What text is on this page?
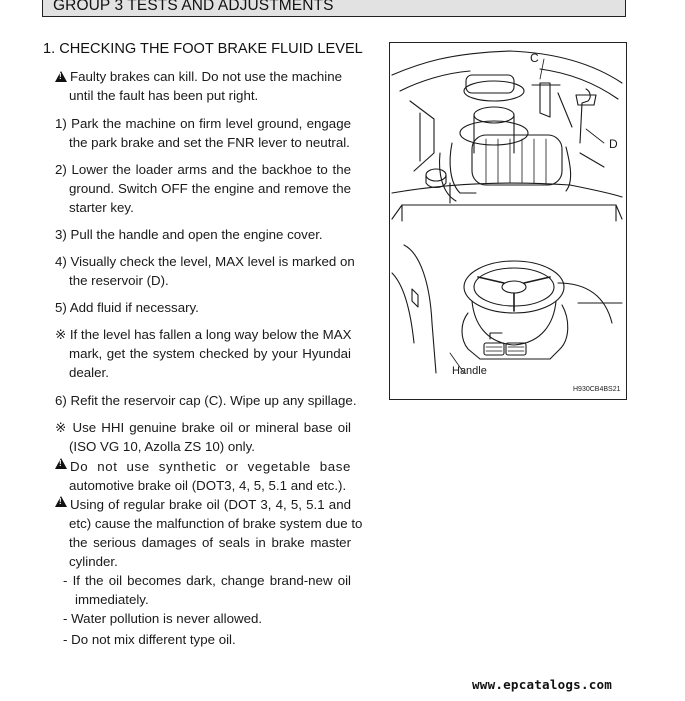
GROUP 3 TESTS AND ADJUSTMENTS
1. CHECKING THE FOOT BRAKE FLUID LEVEL
!Faulty brakes can kill. Do not use the machine
until the fault has been put right.
1) Park the machine on firm level ground, engage
the park brake and set the FNR lever to neutral.
2) Lower the loader arms and the backhoe to the
ground. Switch OFF the engine and remove the
starter key.
3) Pull the handle and open the engine cover.
4) Visually check the level, MAX level is marked on
the reservoir (D).
5) Add fluid if necessary.
※ If the level has fallen a long way below the MAX
mark, get the system checked by your Hyundai
dealer.
6) Refit the reservoir cap (C). Wipe up any spillage.
※ Use HHI genuine brake oil or mineral base oil
(ISO VG 10, Azolla ZS 10) only.
!
Do not use synthetic or vegetable base
automotive brake oil (DOT3, 4, 5, 5.1 and etc.).
!
Using of regular brake oil (DOT 3, 4, 5, 5.1 and
etc) cause the malfunction of brake system due to
the serious damages of seals in brake master
cylinder.
- If the oil becomes dark, change brand-new oil
immediately.
- Water pollution is never allowed.
- Do not mix different type oil.
C
D
Handle
H930CB4BS21
www.epcatalogs.com
